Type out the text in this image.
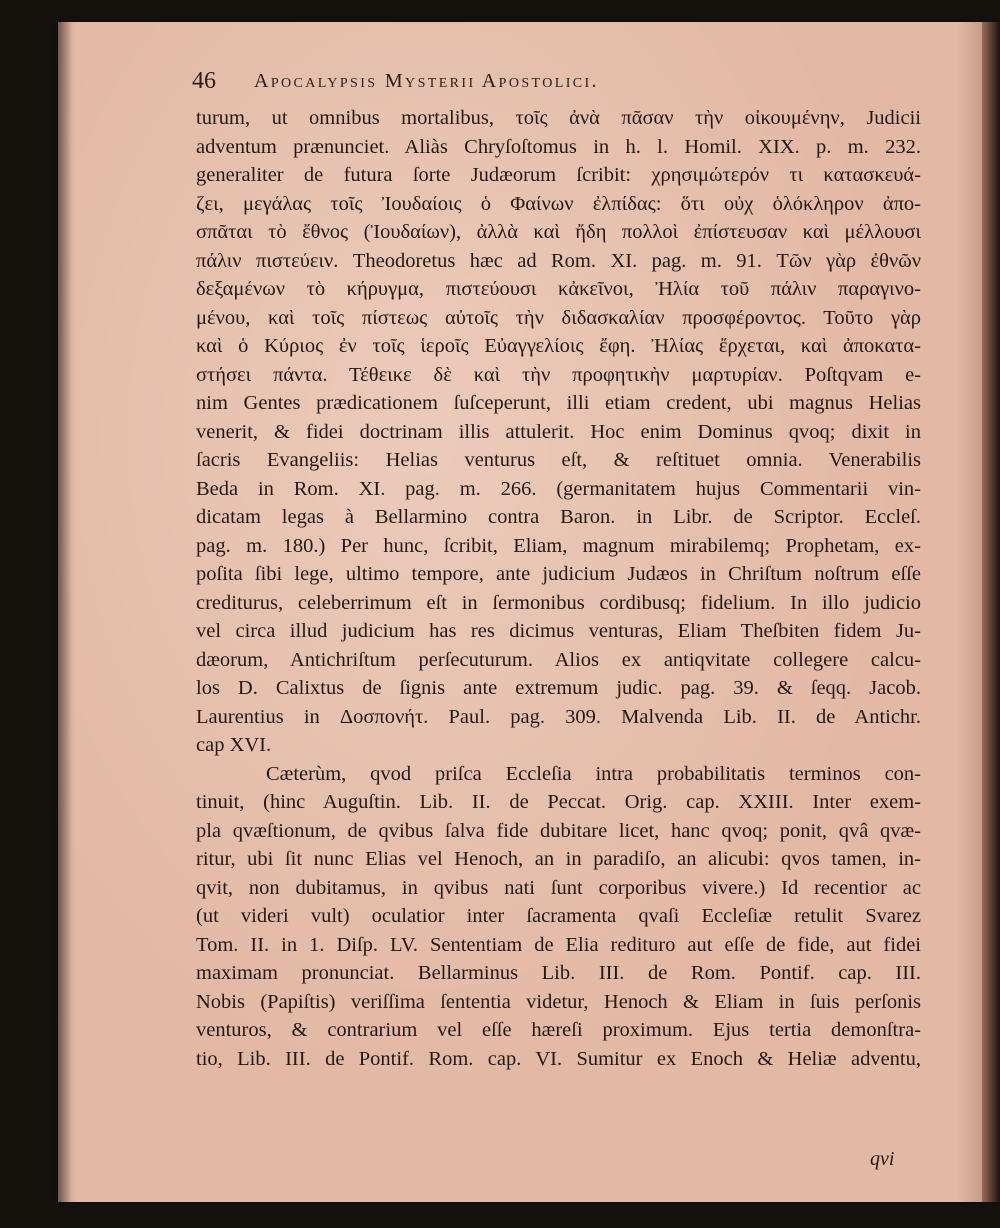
46 Apocalypsis Mysterii Apostolici.
turum, ut omnibus mortalibus, τοῖς ἀνὰ πᾶσαν τὴν οἰκουμένην, Judicii
adventum prænunciet. Aliàs Chryſoſtomus in h. l. Homil. XIX. p. m. 232.
generaliter de futura ſorte Judæorum ſcribit: χρησιμώτερόν τι κατασκευά-
ζει, μεγάλας τοῖς Ἰουδαίοις ὁ Φαίνων ἐλπίδας: ὅτι οὐχ ὁλόκληρον ἀπο-
σπᾶται τὸ ἔθνος (Ἰουδαίων), ἀλλὰ καὶ ἤδη πολλοὶ ἐπίστευσαν καὶ μέλλουσι
πάλιν πιστεύειν. Theodoretus hæc ad Rom. XI. pag. m. 91. Τῶν γὰρ ἐθνῶν
δεξαμένων τὸ κήρυγμα, πιστεύουσι κἀκεῖνοι, Ἠλία τοῦ πάλιν παραγινο-
μένου, καὶ τοῖς πίστεως αὐτοῖς τὴν διδασκαλίαν προσφέροντος. Τοῦτο γὰρ
καὶ ὁ Κύριος ἐν τοῖς ἱεροῖς Εὐαγγελίοις ἔφη. Ἠλίας ἔρχεται, καὶ ἀποκατα-
στήσει πάντα. Τέθεικε δὲ καὶ τὴν προφητικὴν μαρτυρίαν. Poſtqvam e-
nim Gentes prædicationem ſuſceperunt, illi etiam credent, ubi magnus Helias
venerit, & fidei doctrinam illis attulerit. Hoc enim Dominus qvoq; dixit in
ſacris Evangeliis: Helias venturus eſt, & reſtituet omnia. Venerabilis
Beda in Rom. XI. pag. m. 266. (germanitatem hujus Commentarii vin-
dicatam legas à Bellarmino contra Baron. in Libr. de Scriptor. Eccleſ.
pag. m. 180.) Per hunc, ſcribit, Eliam, magnum mirabilemq; Prophetam, ex-
poſita ſibi lege, ultimo tempore, ante judicium Judæos in Chriſtum noſtrum eſſe
crediturus, celeberrimum eſt in ſermonibus cordibusq; fidelium. In illo judicio
vel circa illud judicium has res dicimus venturas, Eliam Theſbiten fidem Ju-
dæorum, Antichriſtum perſecuturum. Alios ex antiqvitate collegere calcu-
los D. Calixtus de ſignis ante extremum judic. pag. 39. & ſeqq. Jacob.
Laurentius in Δοσπονήτ. Paul. pag. 309. Malvenda Lib. II. de Antichr.
cap XVI.
Cæterùm, qvod priſca Eccleſia intra probabilitatis terminos con-
tinuit, (hinc Auguſtin. Lib. II. de Peccat. Orig. cap. XXIII. Inter exem-
pla qvæſtionum, de qvibus ſalva fide dubitare licet, hanc qvoq; ponit, qvâ qvæ-
ritur, ubi ſit nunc Elias vel Henoch, an in paradiſo, an alicubi: qvos tamen, in-
qvit, non dubitamus, in qvibus nati ſunt corporibus vivere.) Id recentior ac
(ut videri vult) oculatior inter ſacramenta qvaſi Eccleſiæ retulit Svarez
Tom. II. in 1. Diſp. LV. Sententiam de Elia redituro aut eſſe de fide, aut fidei
maximam pronunciat. Bellarminus Lib. III. de Rom. Pontif. cap. III.
Nobis (Papiſtis) veriſſima ſententia videtur, Henoch & Eliam in ſuis perſonis
venturos, & contrarium vel eſſe hæreſi proximum. Ejus tertia demonſtra-
tio, Lib. III. de Pontif. Rom. cap. VI. Sumitur ex Enoch & Heliæ adventu,
qvi
